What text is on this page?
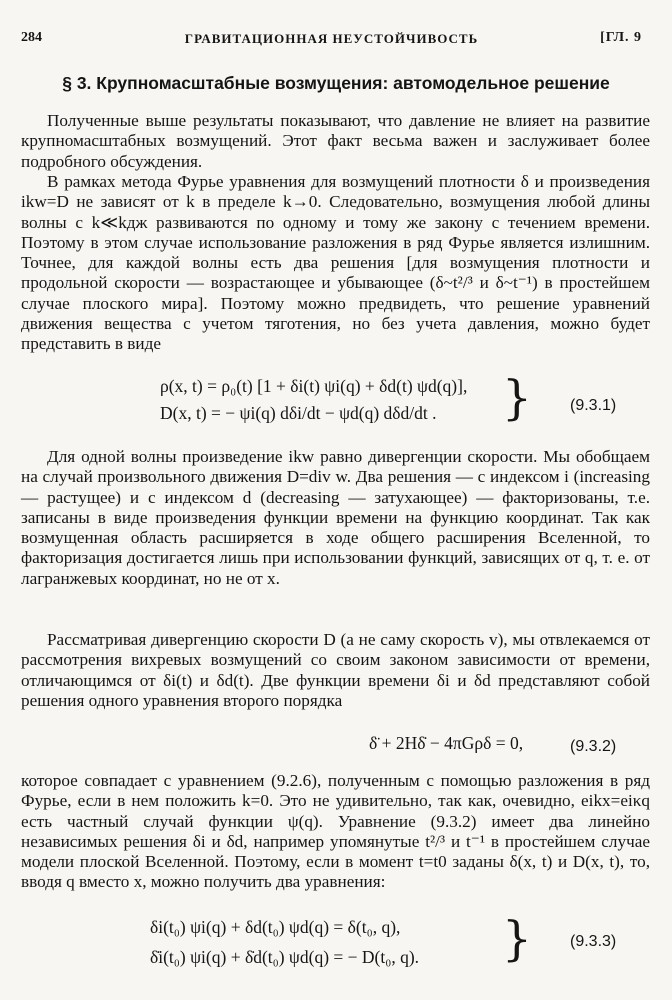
284	ГРАВИТАЦИОННАЯ НЕУСТОЙЧИВОСТЬ	[ГЛ. 9
§ 3. Крупномасштабные возмущения: автомодельное решение

Полученные выше результаты показывают, что давление не влияет на развитие крупномасштабных возмущений. Этот факт весьма важен и заслуживает более подробного обсуждения.

В рамках метода Фурье уравнения для возмущений плотности δ и произведения ikw=D не зависят от k в пределе k→0. Следовательно, возмущения любой длины волны с k≪kдж развиваются по одному и тому же закону с течением времени. Поэтому в этом случае использование разложения в ряд Фурье является излишним. Точнее, для каждой волны есть два решения [для возмущения плотности и продольной скорости — возрастающее и убывающее (δ~t²/³ и δ~t⁻¹) в простейшем случае плоского мира]. Поэтому можно предвидеть, что решение уравнений движения вещества с учетом тяготения, но без учета давления, можно будет представить в виде

ρ(x, t) = ρ₀(t) [1 + δi(t) ψi(q) + δd(t) ψd(q)],
D(x, t) = − ψi(q) dδi/dt − ψd(q) dδd/dt . } (9.3.1)

Для одной волны произведение ikw равно дивергенции скорости. Мы обобщаем на случай произвольного движения D=div w. Два решения — с индексом i (increasing — растущее) и с индексом d (decreasing — затухающее) — факторизованы, т.е. записаны в виде произведения функции времени на функцию координат. Так как возмущенная область расширяется в ходе общего расширения Вселенной, то факторизация достигается лишь при использовании функций, зависящих от q, т. е. от лагранжевых координат, но не от x.

Рассматривая дивергенцию скорости D (а не саму скорость v), мы отвлекаемся от рассмотрения вихревых возмущений со своим законом зависимости от времени, отличающимся от δi(t) и δd(t). Две функции времени δi и δd представляют собой решения одного уравнения второго порядка

δ̈ + 2Hδ̇ − 4πGρδ = 0,	(9.3.2)

которое совпадает с уравнением (9.2.6), полученным с помощью разложения в ряд Фурье, если в нем положить k=0. Это не удивительно, так как, очевидно, eikx=eiκq есть частный случай функции ψ(q). Уравнение (9.3.2) имеет два линейно независимых решения δi и δd, например упомянутые t²/³ и t⁻¹ в простейшем случае модели плоской Вселенной. Поэтому, если в момент t=t0 заданы δ(x, t) и D(x, t), то, вводя q вместо x, можно получить два уравнения:

δi(t₀) ψi(q) + δd(t₀) ψd(q) = δ(t₀, q),
δ̇i(t₀) ψi(q) + δ̇d(t₀) ψd(q) = − D(t₀, q). } (9.3.3)
